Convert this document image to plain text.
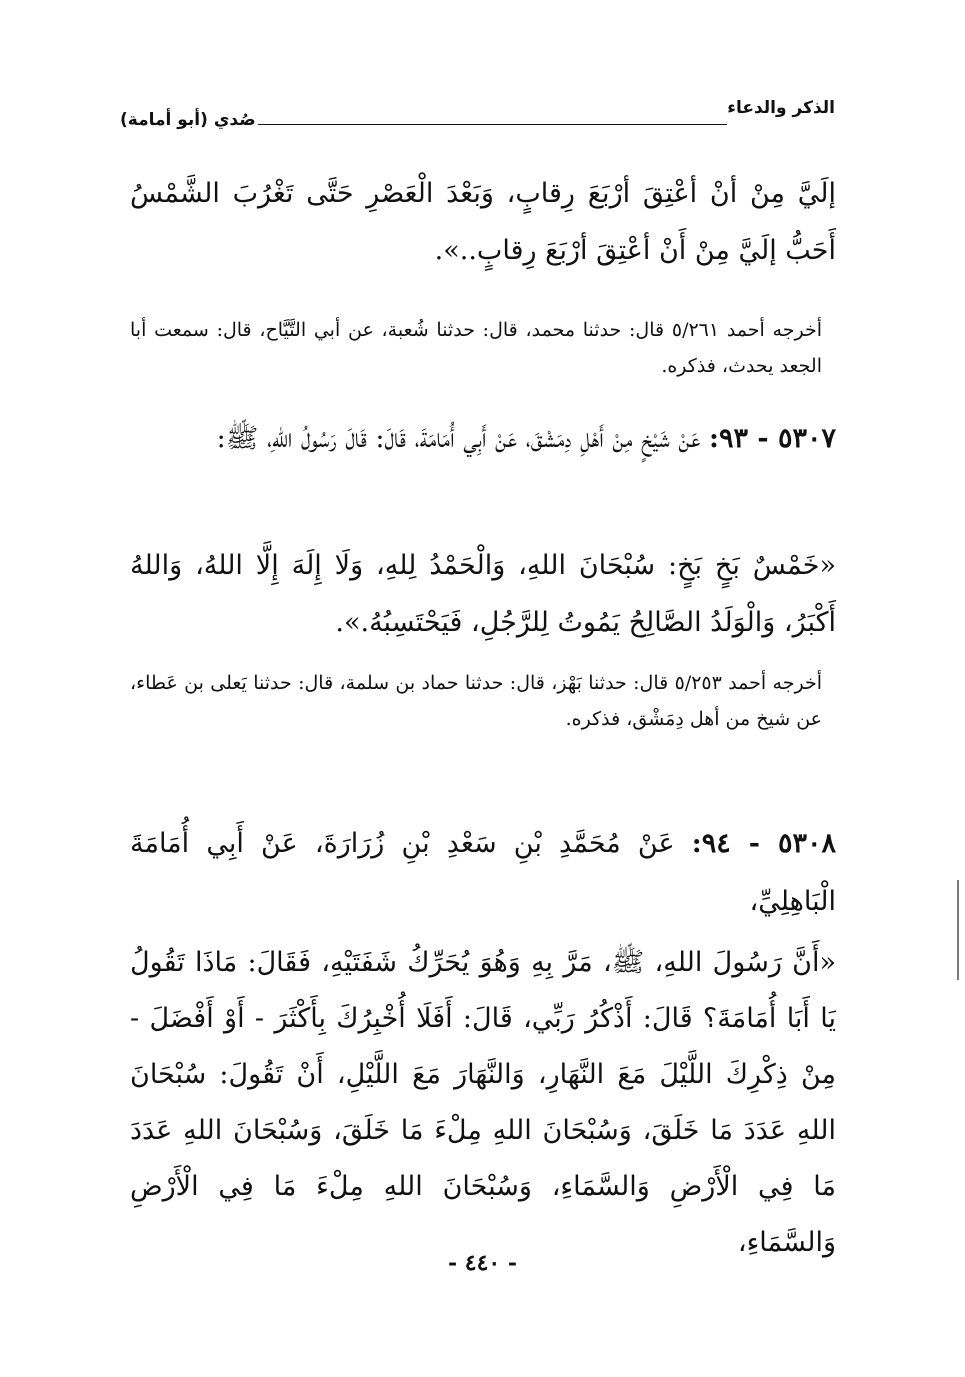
الذكر والدعاء
صُدي (أبو أمامة)

إلَيَّ مِنْ أنْ أعْتِقَ أرْبَعَ رِقابٍ، وَبَعْدَ الْعَصْرِ حَتَّى تَغْرُبَ الشَّمْسُ أَحَبُّ إلَيَّ مِنْ أَنْ أعْتِقَ أرْبَعَ رِقابٍ..».

أخرجه أحمد ٥/٢٦١ قال: حدثنا محمد، قال: حدثنا شُعبة، عن أبي التَّيَّاح، قال: سمعت أبا الجعد يحدث، فذكره.

٥٣٠٧ - ٩٣: عَنْ شَيْخٍ مِنْ أَهْلِ دِمَشْقَ، عَنْ أَبِي أُمَامَةَ، قَالَ: قَالَ رَسُولُ اللهِ، ﷺ:

«خَمْسٌ بَخٍ بَخٍ: سُبْحَانَ اللهِ، وَالْحَمْدُ لِلهِ، وَلَا إِلَهَ إِلَّا اللهُ، وَاللهُ أَكْبَرُ، وَالْوَلَدُ الصَّالِحُ يَمُوتُ لِلرَّجُلِ، فَيَحْتَسِبُهُ.».

أخرجه أحمد ٥/٢٥٣ قال: حدثنا بَهْز، قال: حدثنا حماد بن سلمة، قال: حدثنا يَعلى بن عَطاء، عن شيخ من أهل دِمَشْق، فذكره.

٥٣٠٨ - ٩٤: عَنْ مُحَمَّدِ بْنِ سَعْدِ بْنِ زُرَارَةَ، عَنْ أَبِي أُمَامَةَ الْبَاهِلِيِّ،

«أَنَّ رَسُولَ اللهِ، ﷺ، مَرَّ بِهِ وَهُوَ يُحَرِّكُ شَفَتَيْهِ، فَقَالَ: مَاذَا تَقُولُ يَا أَبَا أُمَامَةَ؟ قَالَ: أَذْكُرُ رَبِّي، قَالَ: أَفَلَا أُخْبِرُكَ بِأَكْثَرَ - أَوْ أَفْضَلَ - مِنْ ذِكْرِكَ اللَّيْلَ مَعَ النَّهَارِ، وَالنَّهَارَ مَعَ اللَّيْلِ، أَنْ تَقُولَ: سُبْحَانَ اللهِ عَدَدَ مَا خَلَقَ، وَسُبْحَانَ اللهِ مِلْءَ مَا خَلَقَ، وَسُبْحَانَ اللهِ عَدَدَ مَا فِي الْأَرْضِ وَالسَّمَاءِ، وَسُبْحَانَ اللهِ مِلْءَ مَا فِي الْأَرْضِ وَالسَّمَاءِ،

- ٤٤٠ -
